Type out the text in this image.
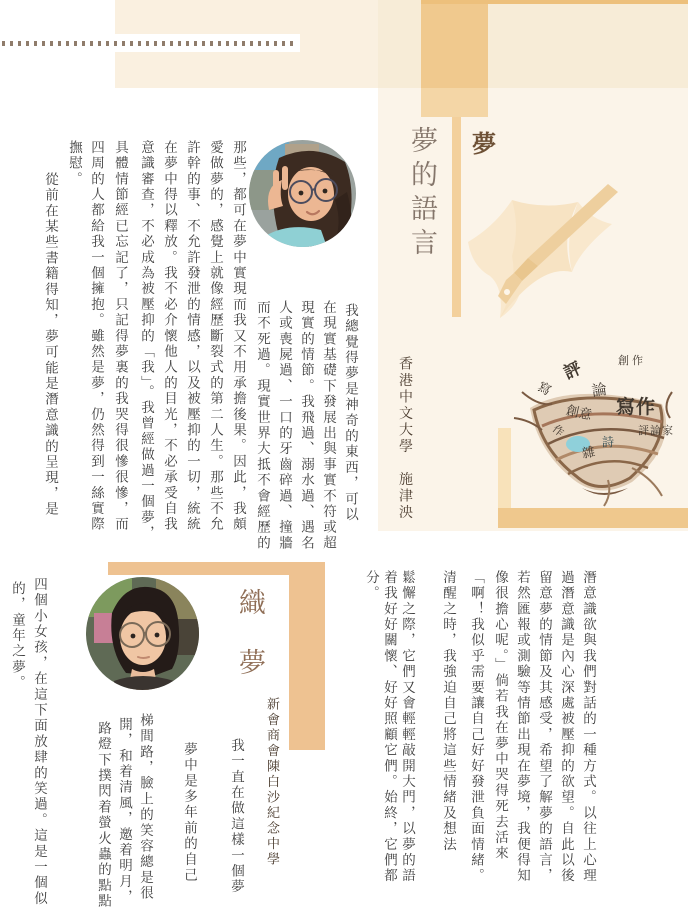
夢
夢的語言
香港中文大學　施津泱	創作
評
寫 論
寫作
創意
評論家
詩
雜
作
織夢
新會商會陳白沙紀念中學
我總覺得夢是神奇的東西，可以
在現實基礎下發展出與事實不符或超
現實的情節。我飛過、溺水過、遇名
人或喪屍過、一口的牙齒碎過、撞牆
而不死過。現實世界大抵不會經歷的
那些，都可在夢中實現而我又不用承擔後果。因此，我頗
愛做夢的，感覺上就像經歷斷裂式的第二人生。那些不允
許幹的事、不允許發泄的情感，以及被壓抑的一切，統統
在夢中得以釋放。我不必介懷他人的目光，不必承受自我
意識審查，不必成為被壓抑的「我」。我曾經做過一個夢，
具體情節經已忘記了，只記得夢裏的我哭得很慘很慘，而
四周的人都給我一個擁抱。雖然是夢，仍然得到一絲實際
撫慰。
從前在某些書籍得知，夢可能是潛意識的呈現，是
我一直在做這樣一個夢
夢中是多年前的自己
梯間路，臉上的笑容總是很
開，和着清風，邀着明月，
路燈下撲閃着螢火蟲的點點
四個小女孩，在這下面放肆的笑過。這是一個似
的，童年之夢。	潛意識欲與我們對話的一種方式。以往上心理
過潛意識是內心深處被壓抑的欲望。自此以後
留意夢的情節及其感受，希望了解夢的語言，
若然匯報或測驗等情節出現在夢境，我便得知
像很擔心呢。」倘若我在夢中哭得死去活來
「啊！我似乎需要讓自己好好發泄負面情緒。
清醒之時，我強迫自己將這些情緒及想法
鬆懈之際，它們又會輕輕敲開大門，以夢的語
着我好好關懷、好好照顧它們。始終，它們都
分。
